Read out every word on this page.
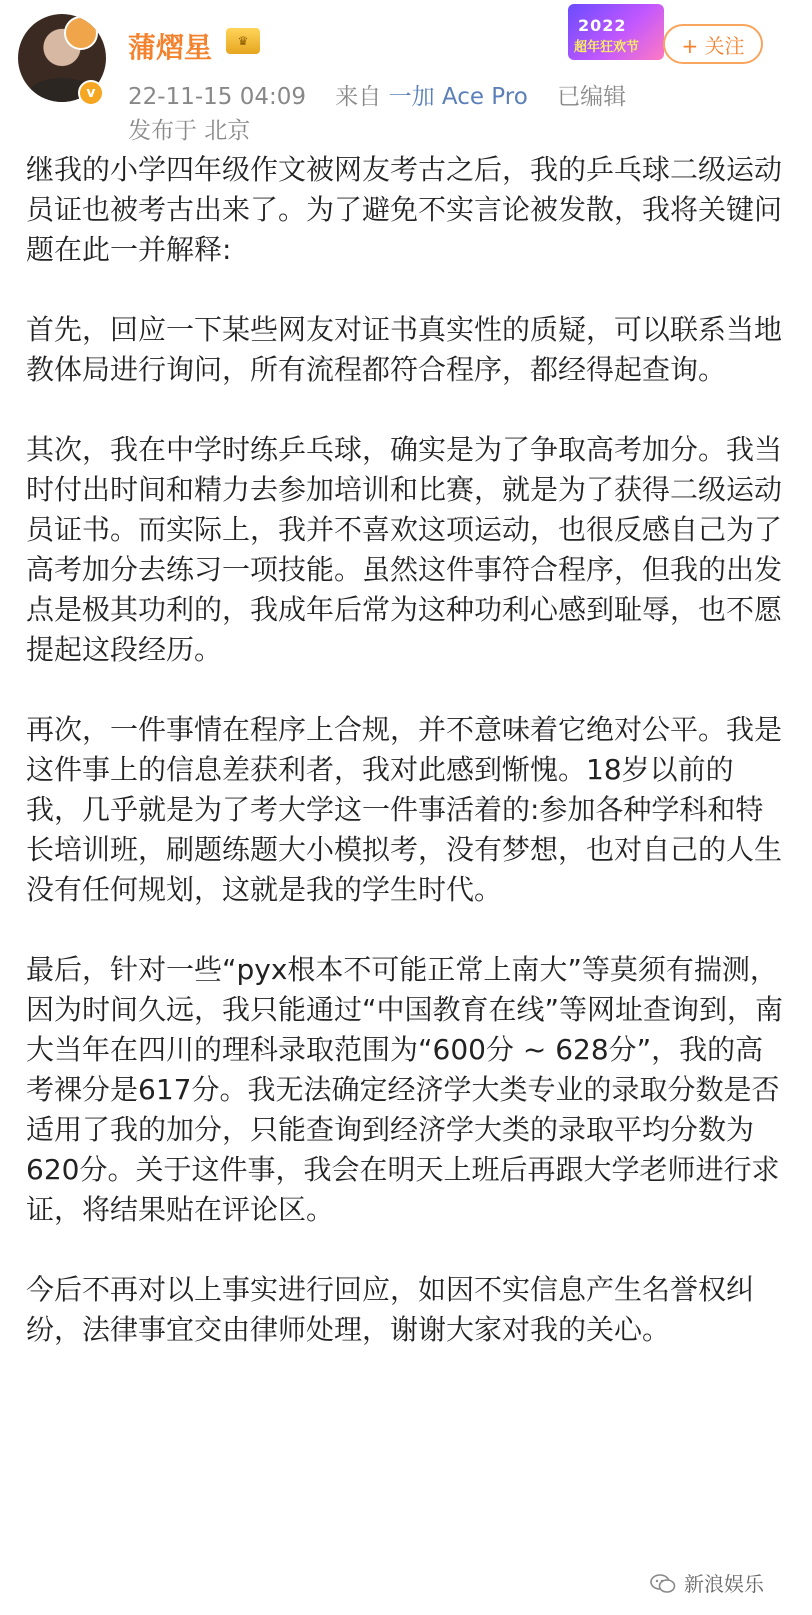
v
蒲熠星	♛
22-11-15 04:09 来自 一加 Ace Pro 已编辑
发布于 北京
2022
超年狂欢节	+ 关注

继我的小学四年级作文被网友考古之后，我的乒乓球二级运动员证也被考古出来了。为了避免不实言论被发散，我将关键问题在此一并解释:

首先，回应一下某些网友对证书真实性的质疑，可以联系当地教体局进行询问，所有流程都符合程序，都经得起查询。

其次，我在中学时练乒乓球，确实是为了争取高考加分。我当时付出时间和精力去参加培训和比赛，就是为了获得二级运动员证书。而实际上，我并不喜欢这项运动，也很反感自己为了高考加分去练习一项技能。虽然这件事符合程序，但我的出发点是极其功利的，我成年后常为这种功利心感到耻辱，也不愿提起这段经历。

再次，一件事情在程序上合规，并不意味着它绝对公平。我是这件事上的信息差获利者，我对此感到惭愧。18岁以前的我，几乎就是为了考大学这一件事活着的:参加各种学科和特长培训班，刷题练题大小模拟考，没有梦想，也对自己的人生没有任何规划，这就是我的学生时代。

最后，针对一些“pyx根本不可能正常上南大”等莫须有揣测，因为时间久远，我只能通过“中国教育在线”等网址查询到，南大当年在四川的理科录取范围为“600分 ~ 628分”，我的高考裸分是617分。我无法确定经济学大类专业的录取分数是否适用了我的加分，只能查询到经济学大类的录取平均分数为620分。关于这件事，我会在明天上班后再跟大学老师进行求证，将结果贴在评论区。

今后不再对以上事实进行回应，如因不实信息产生名誉权纠纷，法律事宜交由律师处理，谢谢大家对我的关心。

新浪娱乐
